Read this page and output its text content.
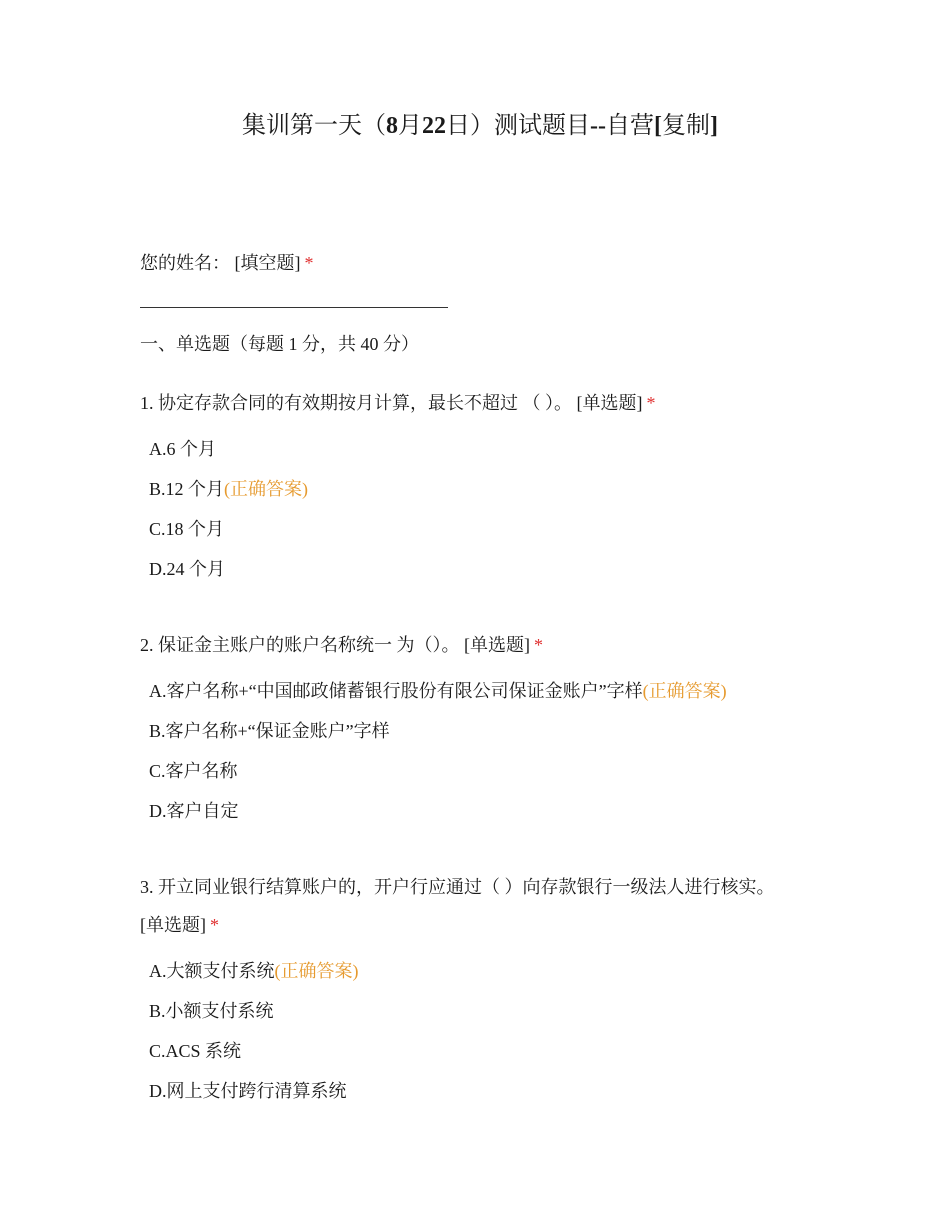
集训第一天（8月22日）测试题目--自营[复制]
您的姓名： [填空题] *
一、单选题（每题 1 分，共 40 分）
1. 协定存款合同的有效期按月计算，最长不超过 （ ）。 [单选题] *
A.6 个月
B.12 个月(正确答案)
C.18 个月
D.24 个月
2. 保证金主账户的账户名称统一 为（）。 [单选题] *
A.客户名称+“中国邮政储蓄银行股份有限公司保证金账户”字样(正确答案)
B.客户名称+“保证金账户”字样
C.客户名称
D.客户自定
3. 开立同业银行结算账户的，开户行应通过（ ）向存款银行一级法人进行核实。
[单选题] *
A.大额支付系统(正确答案)
B.小额支付系统
C.ACS 系统
D.网上支付跨行清算系统
